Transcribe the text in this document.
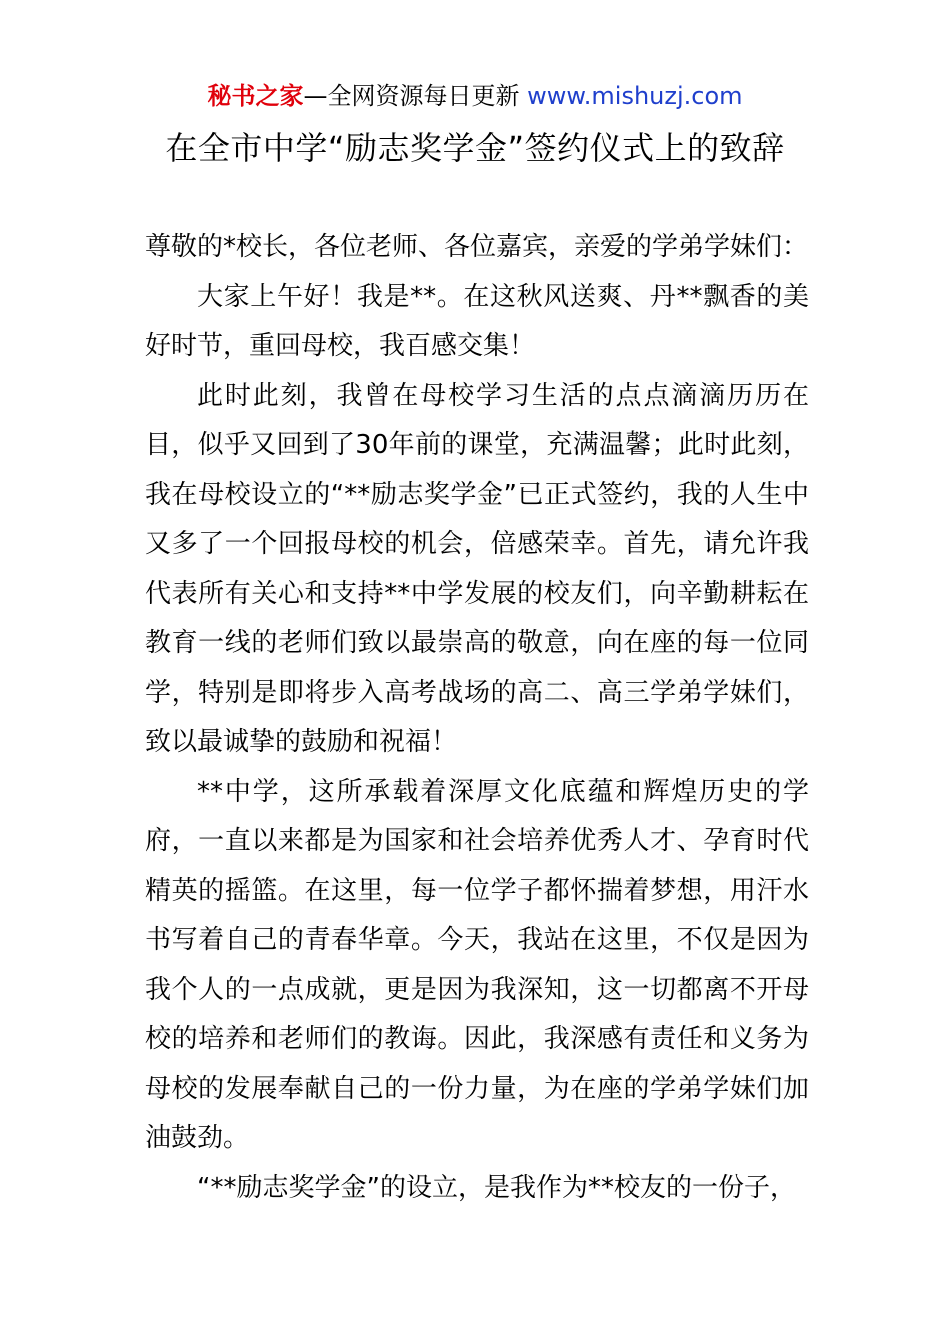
秘书之家—全网资源每日更新 www.mishuzj.com
在全市中学“励志奖学金”签约仪式上的致辞

尊敬的*校长，各位老师、各位嘉宾，亲爱的学弟学妹们：

大家上午好！我是**。在这秋风送爽、丹**飘香的美好时节，重回母校，我百感交集！

此时此刻，我曾在母校学习生活的点点滴滴历历在目，似乎又回到了30年前的课堂，充满温馨；此时此刻，我在母校设立的“**励志奖学金”已正式签约，我的人生中又多了一个回报母校的机会，倍感荣幸。首先，请允许我代表所有关心和支持**中学发展的校友们，向辛勤耕耘在教育一线的老师们致以最崇高的敬意，向在座的每一位同学，特别是即将步入高考战场的高二、高三学弟学妹们，致以最诚挚的鼓励和祝福！

**中学，这所承载着深厚文化底蕴和辉煌历史的学府，一直以来都是为国家和社会培养优秀人才、孕育时代精英的摇篮。在这里，每一位学子都怀揣着梦想，用汗水书写着自己的青春华章。今天，我站在这里，不仅是因为我个人的一点成就，更是因为我深知，这一切都离不开母校的培养和老师们的教诲。因此，我深感有责任和义务为母校的发展奉献自己的一份力量，为在座的学弟学妹们加油鼓劲。

“**励志奖学金”的设立，是我作为**校友的一份子，
